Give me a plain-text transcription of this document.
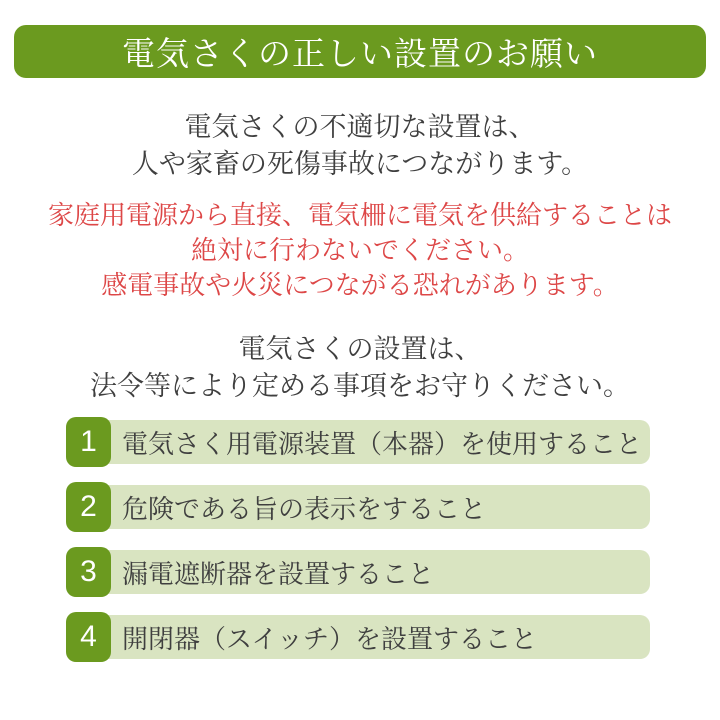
電気さくの正しい設置のお願い

電気さくの不適切な設置は、
人や家畜の死傷事故につながります。

家庭用電源から直接、電気柵に電気を供給することは
絶対に行わないでください。
感電事故や火災につながる恐れがあります。

電気さくの設置は、
法令等により定める事項をお守りください。

1 電気さく用電源装置（本器）を使用すること
2 危険である旨の表示をすること
3 漏電遮断器を設置すること
4 開閉器（スイッチ）を設置すること
